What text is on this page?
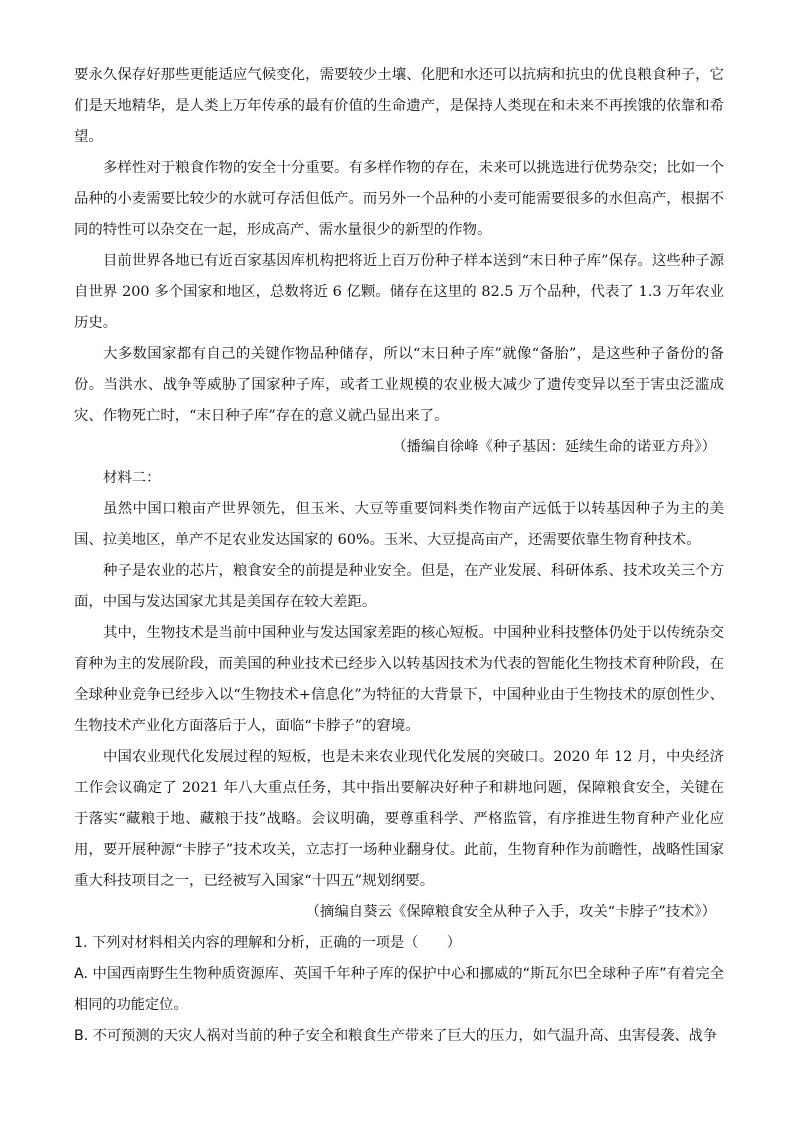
要永久保存好那些更能适应气候变化，需要较少土壤、化肥和水还可以抗病和抗虫的优良粮食种子，它们是天地精华，是人类上万年传承的最有价值的生命遗产，是保持人类现在和未来不再挨饿的依靠和希望。

多样性对于粮食作物的安全十分重要。有多样作物的存在，未来可以挑选进行优势杂交；比如一个品种的小麦需要比较少的水就可存活但低产。而另外一个品种的小麦可能需要很多的水但高产，根据不同的特性可以杂交在一起，形成高产、需水量很少的新型的作物。

目前世界各地已有近百家基因库机构把将近上百万份种子样本送到“末日种子库”保存。这些种子源自世界 200 多个国家和地区，总数将近 6 亿颗。储存在这里的 82.5 万个品种，代表了 1.3 万年农业历史。

大多数国家都有自己的关键作物品种储存，所以“末日种子库”就像“备胎”，是这些种子备份的备份。当洪水、战争等威胁了国家种子库，或者工业规模的农业极大减少了遗传变异以至于害虫泛滥成灾、作物死亡时，“末日种子库”存在的意义就凸显出来了。

（播编自徐峰《种子基因：延续生命的诺亚方舟》）

材料二：

虽然中国口粮亩产世界领先，但玉米、大豆等重要饲料类作物亩产远低于以转基因种子为主的美国、拉美地区，单产不足农业发达国家的 60%。玉米、大豆提高亩产，还需要依靠生物育种技术。

种子是农业的芯片，粮食安全的前提是种业安全。但是，在产业发展、科研体系、技术攻关三个方面，中国与发达国家尤其是美国存在较大差距。

其中，生物技术是当前中国种业与发达国家差距的核心短板。中国种业科技整体仍处于以传统杂交育种为主的发展阶段，而美国的种业技术已经步入以转基因技术为代表的智能化生物技术育种阶段，在全球种业竞争已经步入以“生物技术+信息化”为特征的大背景下，中国种业由于生物技术的原创性少、生物技术产业化方面落后于人，面临“卡脖子”的窘境。

中国农业现代化发展过程的短板，也是未来农业现代化发展的突破口。2020 年 12 月，中央经济工作会议确定了 2021 年八大重点任务，其中指出要解决好种子和耕地问题，保障粮食安全，关键在于落实“藏粮于地、藏粮于技”战略。会议明确，要尊重科学、严格监管，有序推进生物育种产业化应用，要开展种源“卡脖子”技术攻关，立志打一场种业翻身仗。此前，生物育种作为前瞻性，战略性国家重大科技项目之一，已经被写入国家“十四五”规划纲要。

（摘编自葵云《保障粮食安全从种子入手，攻关“卡脖子”技术》）

1. 下列对材料相关内容的理解和分析，正确的一项是（　　）

A. 中国西南野生生物种质资源库、英国千年种子库的保护中心和挪威的“斯瓦尔巴全球种子库”有着完全相同的功能定位。

B. 不可预测的天灾人祸对当前的种子安全和粮食生产带来了巨大的压力，如气温升高、虫害侵袭、战争
